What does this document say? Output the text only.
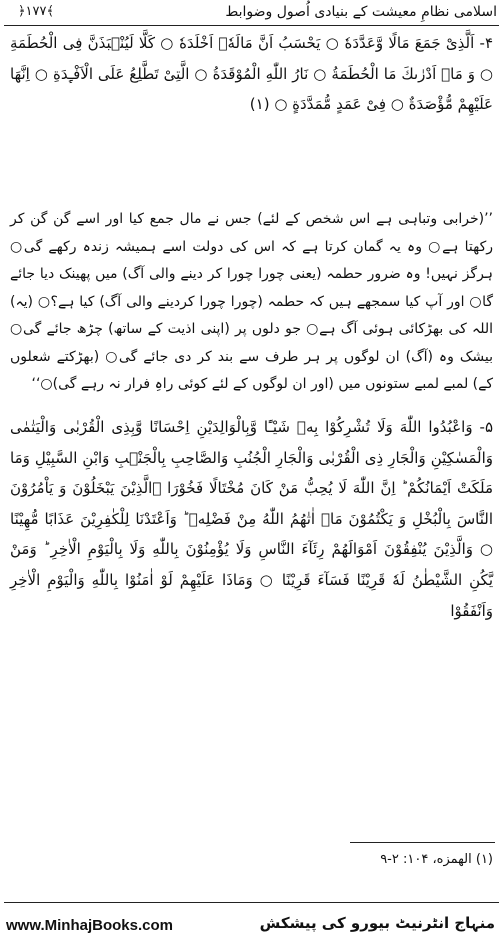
اسلامی نظامِ معیشت کے بنیادی اُصول وضوابط
﴿۱۷۷﴾
۴- اَلَّذِیْ جَمَعَ مَالًا وَّعَدَّدَهٗ ○ يَحْسَبُ اَنَّ مَالَهٗۤ اَخْلَدَهٗ ○ كَلَّا لَيُنْۢبَذَنَّ فِی الْحُطَمَةِ ○ وَ مَاۤ اَدْرٰىكَ مَا الْحُطَمَةُ ○ نَارُ اللّٰهِ الْمُوْقَدَةُ ○ الَّتِیْ تَطَّلِعُ عَلَى الْاَفْـِٕدَةِ ○ اِنَّهَا عَلَيْهِمْ مُّؤْصَدَةٌ ○ فِیْ عَمَدٍ مُّمَدَّدَةٍ ○ (۱)
’’(خرابی وتباہی ہے اس شخص کے لئے) جس نے مال جمع کیا اور اسے گن گن کر رکھتا ہے○ وہ یہ گمان کرتا ہے کہ اس کی دولت اسے ہمیشہ زندہ رکھے گی○ ہرگز نہیں! وہ ضرور حطمہ (یعنی چورا چورا کر دینے والی آگ) میں پھینک دیا جائے گا○ اور آپ کیا سمجھے ہیں کہ حطمہ (چورا چورا کردینے والی آگ) کیا ہے؟○ (یہ) اللہ کی بھڑکائی ہوئی آگ ہے○ جو دلوں پر (اپنی اذیت کے ساتھ) چڑھ جائے گی○ بیشک وہ (آگ) ان لوگوں پر ہر طرف سے بند کر دی جائے گی○ (بھڑکتے شعلوں کے) لمبے لمبے ستونوں میں (اور ان لوگوں کے لئے کوئی راہِ فرار نہ رہے گی)○‘‘
۵- وَاعْبُدُوا اللّٰهَ وَلَا تُشْرِكُوْا بِهٖ شَيْـًٔا وَّبِالْوَالِدَيْنِ اِحْسَانًا وَّبِذِی الْقُرْبٰى وَالْيَتٰمٰى وَالْمَسٰكِيْنِ وَالْجَارِ ذِی الْقُرْبٰى وَالْجَارِ الْجُنُبِ وَالصَّاحِبِ بِالْجَنْۢبِ وَابْنِ السَّبِيْلِ وَمَا مَلَكَتْ اَيْمَانُكُمْ ؕ اِنَّ اللّٰهَ لَا يُحِبُّ مَنْ كَانَ مُخْتَالًا فَخُوْرَا ۙالَّذِيْنَ يَبْخَلُوْنَ وَ يَاْمُرُوْنَ النَّاسَ بِالْبُخْلِ وَ يَكْتُمُوْنَ مَاۤ اٰتٰهُمُ اللّٰهُ مِنْ فَضْلِهٖ ؕ وَاَعْتَدْنَا لِلْكٰفِرِيْنَ عَذَابًا مُّهِيْنًا ○ وَالَّذِيْنَ يُنْفِقُوْنَ اَمْوَالَهُمْ رِئَآءَ النَّاسِ وَلَا يُؤْمِنُوْنَ بِاللّٰهِ وَلَا بِالْيَوْمِ الْاٰخِرِ ؕ وَمَنْ يَّكُنِ الشَّيْطٰنُ لَهٗ قَرِيْنًا فَسَآءَ قَرِيْنًا ○ وَمَاذَا عَلَيْهِمْ لَوْ اٰمَنُوْا بِاللّٰهِ وَالْيَوْمِ الْاٰخِرِ وَاَنْفَقُوْا
(۱) الهمزه، ۱۰۴: ۲-۹
www.MinhajBooks.com	منہاج انٹرنیٹ بیورو کی پیشکش
